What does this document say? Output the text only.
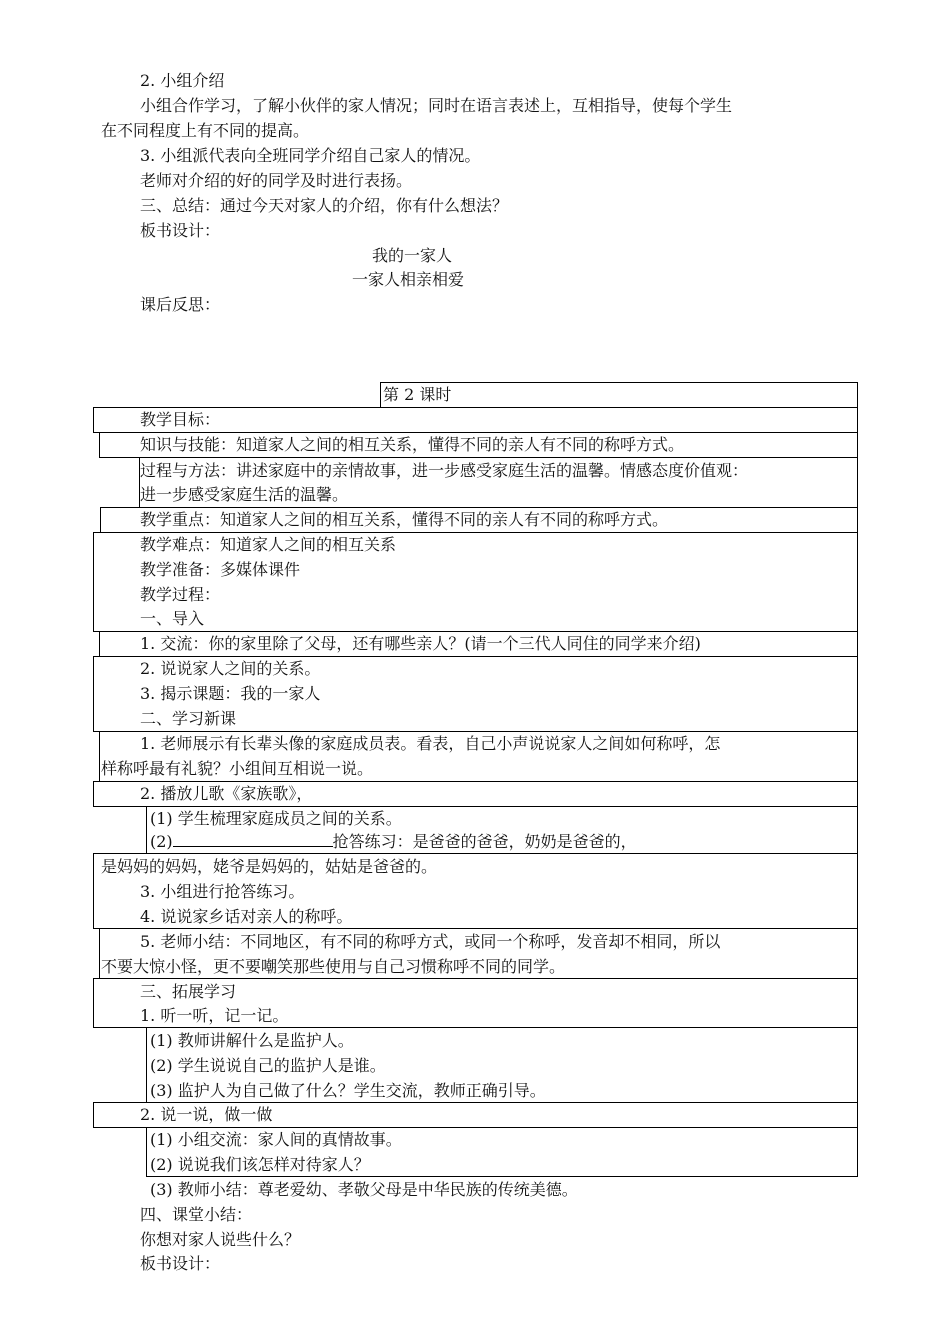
2. 小组介绍
小组合作学习，了解小伙伴的家人情况；同时在语言表述上，互相指导，使每个学生
在不同程度上有不同的提高。
3. 小组派代表向全班同学介绍自己家人的情况。
老师对介绍的好的同学及时进行表扬。
三、总结：通过今天对家人的介绍，你有什么想法？
板书设计：
我的一家人
一家人相亲相爱
课后反思：
第 2 课时
教学目标：
知识与技能：知道家人之间的相互关系，懂得不同的亲人有不同的称呼方式。
过程与方法：讲述家庭中的亲情故事，进一步感受家庭生活的温馨。情感态度价值观：
进一步感受家庭生活的温馨。
教学重点：知道家人之间的相互关系，懂得不同的亲人有不同的称呼方式。
教学难点：知道家人之间的相互关系
教学准备：多媒体课件
教学过程：
一、导入
1. 交流：你的家里除了父母，还有哪些亲人？(请一个三代人同住的同学来介绍)
2. 说说家人之间的关系。
3. 揭示课题：我的一家人
二、学习新课
1. 老师展示有长辈头像的家庭成员表。看表，自己小声说说家人之间如何称呼，怎
样称呼最有礼貌？小组间互相说一说。
2. 播放儿歌《家族歌》，
(1) 学生梳理家庭成员之间的关系。
(2)	抢答练习：是爸爸的爸爸，奶奶是爸爸的，
是妈妈的妈妈，姥爷是妈妈的，姑姑是爸爸的。
3. 小组进行抢答练习。
4. 说说家乡话对亲人的称呼。
5. 老师小结：不同地区，有不同的称呼方式，或同一个称呼，发音却不相同，所以
不要大惊小怪，更不要嘲笑那些使用与自己习惯称呼不同的同学。
三、拓展学习
1. 听一听，记一记。
(1) 教师讲解什么是监护人。
(2) 学生说说自己的监护人是谁。
(3) 监护人为自己做了什么？学生交流，教师正确引导。
2. 说一说，做一做
(1) 小组交流：家人间的真情故事。
(2) 说说我们该怎样对待家人？
(3) 教师小结：尊老爱幼、孝敬父母是中华民族的传统美德。
四、课堂小结：
你想对家人说些什么？
板书设计：
